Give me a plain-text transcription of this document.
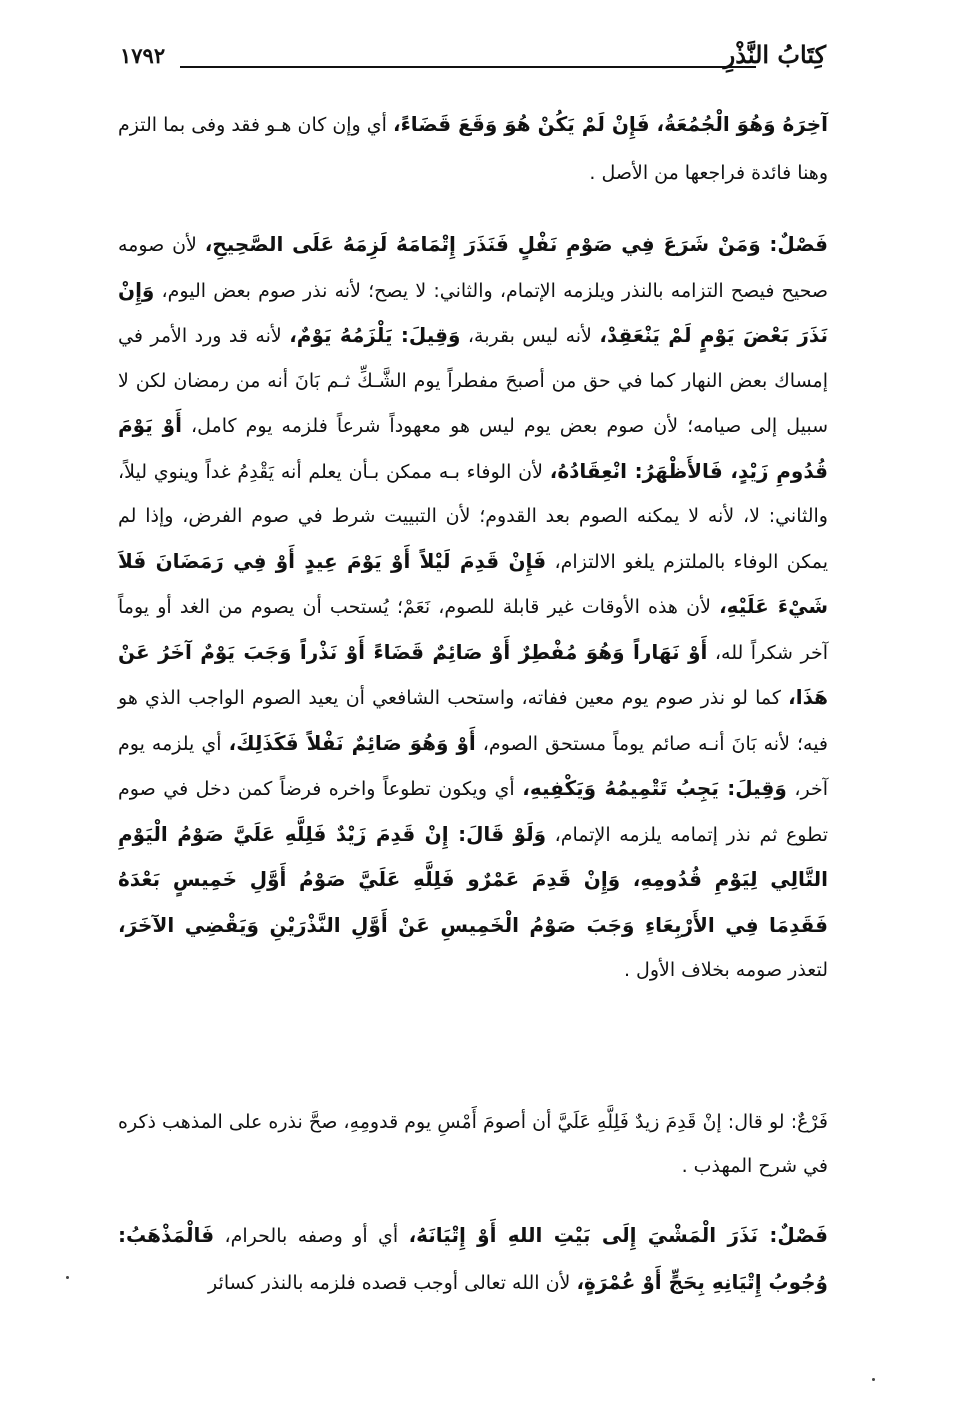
كِتَابُ النَّذْرِ
١٧٩٢

آخِرَهُ وَهُوَ الْجُمُعَةُ، فَإِنْ لَمْ يَكُنْ هُوَ وَقَعَ قَضَاءً، أي وإن كان هـو فقد وفى بما التزم وهنا فائدة فراجعها من الأصل .

فَصْلٌ: وَمَنْ شَرَعَ فِي صَوْمِ نَفْلٍ فَنَذَرَ إِتْمَامَهُ لَزِمَهُ عَلَى الصَّحِيحِ، لأن صومه صحيح فيصح التزامه بالنذر ويلزمه الإتمام، والثاني: لا يصح؛ لأنه نذر صوم بعض اليوم، وَإِنْ نَذَرَ بَعْضَ يَوْمٍ لَمْ يَنْعَقِدْ، لأنه ليس بقربة، وَقِيلَ: يَلْزَمُهُ يَوْمٌ، لأنه قد ورد الأمر في إمساك بعض النهار كما في حق من أصبحَ مفطراً يوم الشَّـكِّ ثـم بَانَ أنه من رمضان لكن لا سبيل إلى صيامه؛ لأن صوم بعض يوم ليس هو معهوداً شرعاً فلزمه يوم كامل، أَوْ يَوْمَ قُدُومِ زَيْدٍ، فَالأَظْهَرُ: انْعِقَادُهُ، لأن الوفاء بـه ممكن بـأن يعلم أنه يَقْدِمُ غداً وينوي ليلاً، والثاني: لا، لأنه لا يمكنه الصوم بعد القدوم؛ لأن التبييت شرط في صوم الفرض، وإذا لم يمكن الوفاء بالملتزم يلغو الالتزام، فَإِنْ قَدِمَ لَيْلاً أَوْ يَوْمَ عِيدٍ أَوْ فِي رَمَضَانَ فَلاَ شَيْءَ عَلَيْهِ، لأن هذه الأوقات غير قابلة للصوم، نَعَمْ؛ يُستحب أن يصوم من الغد أو يوماً آخر شكراً لله، أَوْ نَهَاراً وَهُوَ مُفْطِرٌ أَوْ صَائِمٌ قَضَاءً أَوْ نَذْراً وَجَبَ يَوْمٌ آخَرُ عَنْ هَذَا، كما لو نذر صوم يوم معين ففاته، واستحب الشافعي أن يعيد الصوم الواجب الذي هو فيه؛ لأنه بَانَ أنـه صائم يوماً مستحق الصوم، أَوْ وَهُوَ صَائِمٌ نَفْلاً فَكَذَلِكَ، أي يلزمه يوم آخر، وَقِيلَ: يَجِبُ تَتْمِيمُهُ وَيَكْفِيهِ، أي ويكون تطوعاً واخره فرضاً كمن دخل في صوم تطوع ثم نذر إتمامه يلزمه الإتمام، وَلَوْ قَالَ: إِنْ قَدِمَ زَيْدٌ فَلِلَّهِ عَلَيَّ صَوْمُ الْيَوْمِ التَّالِي لِيَوْمِ قُدُومِهِ، وَإِنْ قَدِمَ عَمْرٌو فَلِلَّهِ عَلَيَّ صَوْمُ أَوَّلِ خَمِيسٍ بَعْدَهُ فَقَدِمَا فِي الأَرْبِعَاءِ وَجَبَ صَوْمُ الْخَمِيسِ عَنْ أَوَّلِ النَّذْرَيْنِ وَيَقْضِي الآخَرَ، لتعذر صومه بخلاف الأول .

فَرْعٌ: لو قال: إنْ قَدِمَ زيدٌ فَلِلَّهِ عَلَيَّ أن أصومَ أَمْسِ يوم قدومِهِ، صحَّ نذره على المذهب ذكره في شرح المهذب .

فَصْلٌ: نَذَرَ الْمَشْيَ إِلَى بَيْتِ اللهِ أَوْ إِتْيَانَهُ، أي أو وصفه بالحرام، فَالْمَذْهَبُ: وُجُوبُ إِتْيَانِهِ بِحَجٍّ أَوْ عُمْرَةٍ، لأن الله تعالى أوجب قصده فلزمه بالنذر كسائر
